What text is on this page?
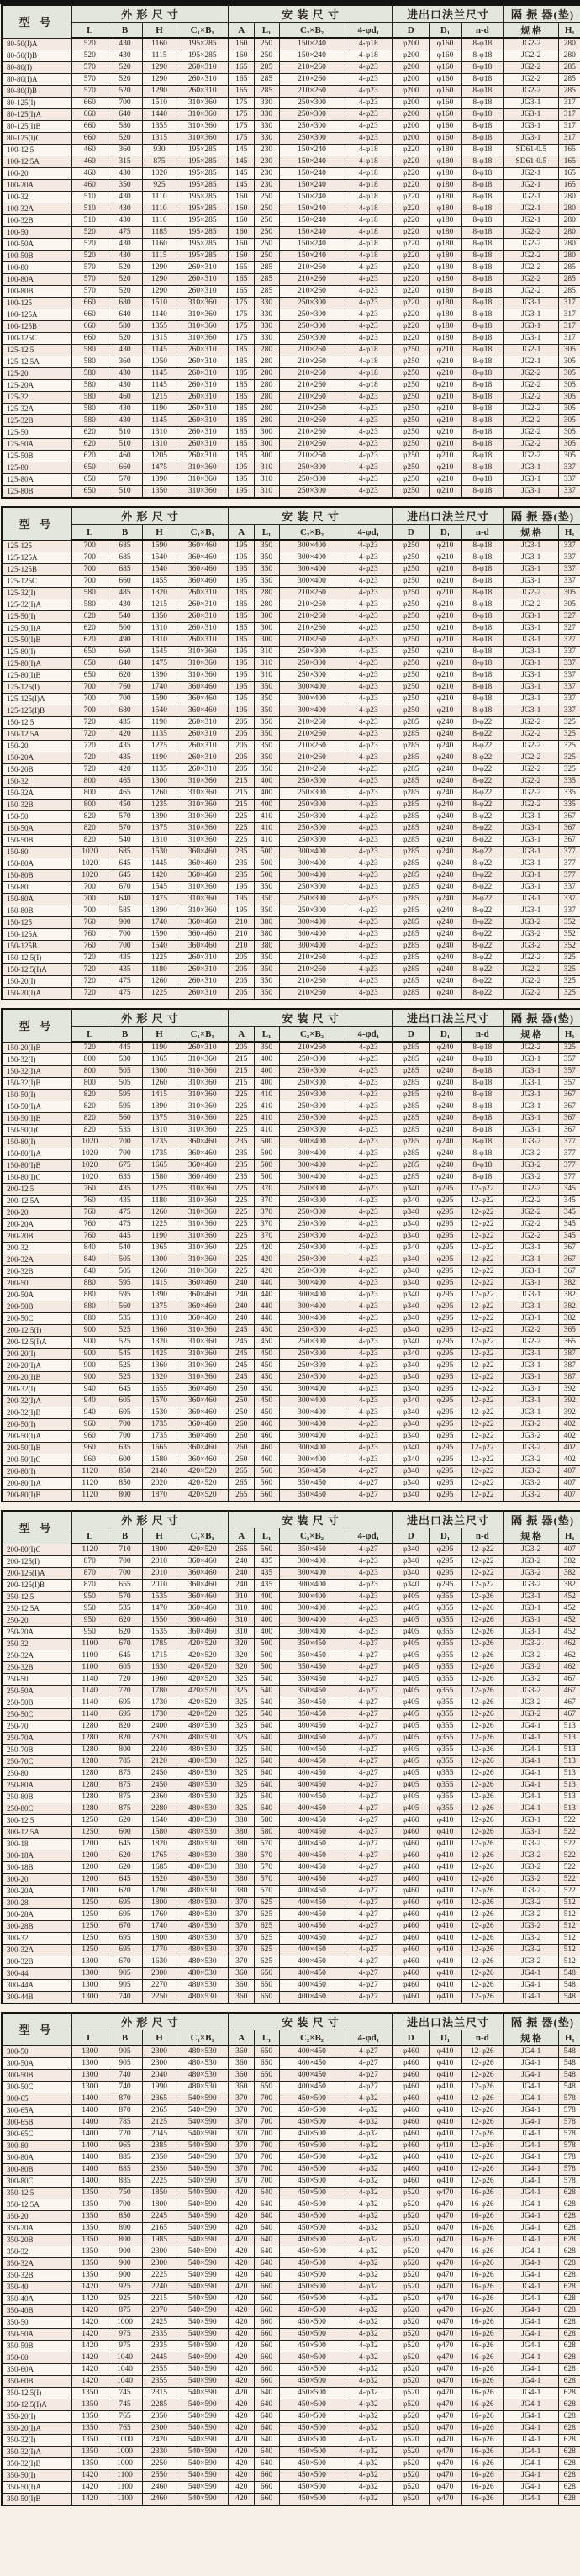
型 号	外 形 尺 寸				安 装 尺 寸				进出口法兰尺寸			隔 振 器(垫)	
	L	B	H	C₁×B₁	A	L₁	C₂×B₂	4-φd₁	D	D₁	n-d	规 格	H₁
80-50(I)A	520	430	1160	195×285	160	250	150×240	4-φ18	φ200	φ160	8-φ18	JG2-2	280
80-50(I)B	520	430	1115	195×285	160	250	150×240	4-φ18	φ200	φ160	8-φ18	JG2-2	280
80-80(I)	570	520	1290	260×310	165	285	210×260	4-φ23	φ200	φ160	8-φ18	JG2-2	285
80-80(I)A	570	520	1290	260×310	165	285	210×260	4-φ23	φ200	φ160	8-φ18	JG2-2	285
80-80(I)B	570	520	1290	260×310	165	285	210×260	4-φ23	φ200	φ160	8-φ18	JG2-2	285
80-125(I)	660	700	1510	310×360	175	330	250×300	4-φ23	φ200	φ160	8-φ18	JG3-1	317
80-125(I)A	660	640	1440	310×360	175	330	250×300	4-φ23	φ200	φ160	8-φ18	JG3-1	317
80-125(I)B	660	580	1355	310×360	175	330	250×300	4-φ23	φ200	φ160	8-φ18	JG3-1	317
80-125(I)C	660	520	1315	310×360	175	330	250×300	4-φ23	φ200	φ160	8-φ18	JG3-1	317
100-12.5	460	360	930	195×285	145	230	150×240	4-φ18	φ220	φ180	8-φ18	SD61-0.5	165
100-12.5A	460	315	875	195×285	145	230	150×240	4-φ18	φ220	φ180	8-φ18	SD61-0.5	165
100-20	460	430	1020	195×285	145	230	150×240	4-φ18	φ220	φ180	8-φ18	JG2-1	165
100-20A	460	350	925	195×285	145	230	150×240	4-φ18	φ220	φ180	8-φ18	JG2-1	165
100-32	510	430	1110	195×285	160	250	150×240	4-φ18	φ220	φ180	8-φ18	JG2-1	280
100-32A	510	430	1110	195×285	160	250	150×240	4-φ18	φ220	φ180	8-φ18	JG2-1	280
100-32B	510	430	1110	195×285	160	250	150×240	4-φ18	φ220	φ180	8-φ18	JG2-1	280
100-50	520	475	1185	195×285	160	250	150×240	4-φ18	φ220	φ180	8-φ18	JG2-2	280
100-50A	520	430	1160	195×285	160	250	150×240	4-φ18	φ220	φ180	8-φ18	JG2-2	280
100-50B	520	430	1115	195×285	160	250	150×240	4-φ18	φ220	φ180	8-φ18	JG2-2	280
100-80	570	520	1290	260×310	165	285	210×260	4-φ23	φ220	φ180	8-φ18	JG2-2	285
100-80A	570	520	1290	260×310	165	285	210×260	4-φ23	φ220	φ180	8-φ18	JG2-2	285
100-80B	570	520	1290	260×310	165	285	210×260	4-φ23	φ220	φ180	8-φ18	JG2-2	285
100-125	660	680	1510	310×360	175	330	250×300	4-φ23	φ220	φ180	8-φ18	JG3-1	317
100-125A	660	640	1140	310×360	175	330	250×300	4-φ23	φ220	φ180	8-φ18	JG3-1	317
100-125B	660	580	1355	310×360	175	330	250×300	4-φ23	φ220	φ180	8-φ18	JG3-1	317
100-125C	660	520	1315	310×360	175	330	250×300	4-φ23	φ220	φ180	8-φ18	JG3-1	317
125-12.5	580	430	1145	260×310	185	280	210×260	4-φ18	φ250	φ210	8-φ18	JG2-1	305
125-12.5A	580	360	1050	260×310	185	280	210×260	4-φ18	φ250	φ210	8-φ18	JG2-1	305
125-20	580	430	1145	260×310	185	280	210×260	4-φ18	φ250	φ210	8-φ18	JG2-2	305
125-20A	580	430	1145	260×310	185	280	210×260	4-φ18	φ250	φ210	8-φ18	JG2-2	305
125-32	580	460	1215	260×310	185	280	210×260	4-φ23	φ250	φ210	8-φ18	JG2-2	305
125-32A	580	430	1190	260×310	185	280	210×260	4-φ23	φ250	φ210	8-φ18	JG2-2	305
125-32B	580	430	1145	260×310	185	280	210×260	4-φ23	φ250	φ210	8-φ18	JG2-2	305
125-50	620	510	1310	260×310	185	300	210×260	4-φ23	φ250	φ210	8-φ18	JG2-2	305
125-50A	620	510	1310	260×310	185	300	210×260	4-φ23	φ250	φ210	8-φ18	JG2-2	305
125-50B	620	460	1205	260×310	185	300	210×260	4-φ23	φ250	φ210	8-φ18	JG2-2	305
125-80	650	660	1475	310×360	195	310	250×300	4-φ23	φ250	φ210	8-φ18	JG3-1	337
125-80A	650	570	1390	310×360	195	310	250×300	4-φ23	φ250	φ210	8-φ18	JG3-1	337
125-80B	650	510	1350	310×360	195	310	250×300	4-φ23	φ250	φ210	8-φ18	JG3-1	337
型 号	外 形 尺 寸				安 装 尺 寸				进出口法兰尺寸			隔 振 器(垫)	
	L	B	H	C₁×B₁	A	L₁	C₂×B₂	4-φd₁	D	D₁	n-d	规 格	H₁
125-125	700	685	1590	360×460	195	350	300×400	4-φ23	φ250	φ210	8-φ18	JG3-1	337
125-125A	700	685	1540	360×460	195	350	300×400	4-φ23	φ250	φ210	8-φ18	JG3-1	337
125-125B	700	685	1540	360×460	195	350	300×400	4-φ23	φ250	φ210	8-φ18	JG3-1	337
125-125C	700	660	1455	360×460	195	350	300×400	4-φ23	φ250	φ210	8-φ18	JG3-1	337
125-32(I)	580	485	1320	260×310	185	280	210×260	4-φ23	φ250	φ210	8-φ18	JG2-2	305
125-32(I)A	580	430	1215	260×310	185	280	210×260	4-φ23	φ250	φ210	8-φ18	JG2-2	305
125-50(I)	620	540	1350	260×310	185	300	210×260	4-φ23	φ250	φ210	8-φ18	JG3-1	327
125-50(I)A	620	500	1310	260×310	185	300	210×260	4-φ23	φ250	φ210	8-φ18	JG3-1	327
125-50(I)B	620	490	1310	260×310	185	300	210×260	4-φ23	φ250	φ210	8-φ18	JG3-1	327
125-80(I)	650	660	1545	310×360	195	310	250×300	4-φ23	φ250	φ210	8-φ18	JG3-1	337
125-80(I)A	650	640	1475	310×360	195	310	250×300	4-φ23	φ250	φ210	8-φ18	JG3-1	337
125-80(I)B	650	620	1390	310×360	195	310	250×300	4-φ23	φ250	φ210	8-φ18	JG3-1	337
125-125(I)	700	760	1740	360×460	195	350	300×400	4-φ23	φ250	φ210	8-φ18	JG3-1	337
125-125(I)A	700	700	1590	360×460	195	350	300×400	4-φ23	φ250	φ210	8-φ18	JG3-1	337
125-125(I)B	700	680	1540	360×460	195	350	300×400	4-φ23	φ250	φ210	8-φ18	JG3-1	337
150-12.5	720	435	1190	260×310	205	350	210×260	4-φ23	φ285	φ240	8-φ22	JG2-2	325
150-12.5A	720	420	1135	260×310	205	350	210×260	4-φ23	φ285	φ240	8-φ22	JG2-2	325
150-20	720	435	1225	260×310	205	350	210×260	4-φ23	φ285	φ240	8-φ22	JG2-2	325
150-20A	720	435	1190	260×310	205	350	210×260	4-φ23	φ285	φ240	8-φ22	JG2-2	325
150-20B	720	420	1135	260×310	205	350	210×260	4-φ23	φ285	φ240	8-φ22	JG2-2	325
150-32	800	465	1300	310×360	215	400	250×300	4-φ23	φ285	φ240	8-φ22	JG2-2	335
150-32A	800	465	1260	310×360	215	400	250×300	4-φ23	φ285	φ240	8-φ22	JG2-2	335
150-32B	800	450	1235	310×360	215	400	250×300	4-φ23	φ285	φ240	8-φ22	JG2-2	335
150-50	820	570	1390	310×360	225	410	250×300	4-φ23	φ285	φ240	8-φ22	JG3-1	367
150-50A	820	570	1375	310×360	225	410	250×300	4-φ23	φ285	φ240	8-φ22	JG3-1	367
150-50B	820	540	1310	310×360	225	410	250×300	4-φ23	φ285	φ240	8-φ22	JG3-1	367
150-80	1020	685	1530	360×460	235	500	300×400	4-φ23	φ285	φ240	8-φ22	JG3-1	377
150-80A	1020	645	1445	360×460	235	500	300×400	4-φ23	φ285	φ240	8-φ22	JG3-1	377
150-80B	1020	645	1420	360×460	235	500	300×400	4-φ23	φ285	φ240	8-φ22	JG3-1	377
150-80	700	670	1545	310×360	195	350	250×300	4-φ23	φ285	φ240	8-φ22	JG3-1	337
150-80A	700	640	1475	310×360	195	350	250×300	4-φ23	φ285	φ240	8-φ22	JG3-1	337
150-80B	700	585	1390	310×360	195	350	250×300	4-φ23	φ285	φ240	8-φ22	JG3-1	337
150-125	760	900	1740	360×460	210	380	300×400	4-φ23	φ285	φ240	8-φ22	JG3-2	352
150-125A	760	700	1590	360×460	210	380	300×400	4-φ23	φ285	φ240	8-φ22	JG3-2	352
150-125B	760	700	1540	360×460	210	380	300×400	4-φ23	φ285	φ240	8-φ22	JG3-2	352
150-12.5(I)	720	435	1225	260×310	205	350	210×260	4-φ23	φ285	φ240	8-φ22	JG2-2	325
150-12.5(I)A	720	435	1180	260×310	205	350	210×260	4-φ23	φ285	φ240	8-φ22	JG2-2	325
150-20(I)	720	475	1260	260×310	205	350	210×260	4-φ23	φ285	φ240	8-φ22	JG2-2	325
150-20(I)A	720	475	1225	260×310	205	350	210×260	4-φ23	φ285	φ240	8-φ22	JG2-2	325
型 号	外 形 尺 寸				安 装 尺 寸				进出口法兰尺寸			隔 振 器(垫)	
	L	B	H	C₁×B₁	A	L₁	C₂×B₂	4-φd₁	D	D₁	n-d	规 格	H₁
150-20(I)B	720	445	1190	260×310	205	350	210×260	4-φ23	φ285	φ240	8-φ18	JG2-2	325
150-32(I)	800	530	1365	310×360	215	400	250×300	4-φ23	φ285	φ240	8-φ18	JG3-1	357
150-32(I)A	800	505	1300	310×360	215	400	250×300	4-φ23	φ285	φ240	8-φ18	JG3-1	357
150-32(I)B	800	505	1260	310×360	215	400	250×300	4-φ23	φ285	φ240	8-φ18	JG3-1	357
150-50(I)	820	595	1415	310×360	225	410	250×300	4-φ23	φ285	φ240	8-φ18	JG3-1	367
150-50(I)A	820	595	1390	310×360	225	410	250×300	4-φ23	φ285	φ240	8-φ18	JG3-1	367
150-50(I)B	820	560	1375	310×360	225	410	250×300	4-φ23	φ285	φ240	8-φ18	JG3-1	367
150-50(I)C	820	535	1310	310×360	225	410	250×300	4-φ23	φ285	φ240	8-φ18	JG3-1	367
150-80(I)	1020	700	1735	360×460	235	500	300×400	4-φ23	φ285	φ240	8-φ18	JG3-2	377
150-80(I)A	1020	700	1735	360×460	235	500	300×400	4-φ23	φ285	φ240	8-φ18	JG3-2	377
150-80(I)B	1020	675	1665	360×460	235	500	300×400	4-φ23	φ285	φ240	8-φ18	JG3-2	377
150-80(I)C	1020	635	1580	360×460	235	500	300×400	4-φ23	φ285	φ240	8-φ18	JG3-2	377
200-12.5	760	435	1225	310×360	225	370	250×300	4-φ23	φ340	φ295	12-φ22	JG2-2	345
200-12.5A	760	435	1180	310×360	225	370	250×300	4-φ23	φ340	φ295	12-φ22	JG2-2	345
200-20	760	475	1260	310×360	225	370	250×300	4-φ23	φ340	φ295	12-φ22	JG2-2	345
200-20A	760	475	1225	310×360	225	370	250×300	4-φ23	φ340	φ295	12-φ22	JG2-2	345
200-20B	760	445	1190	310×360	225	370	250×300	4-φ23	φ340	φ295	12-φ22	JG2-2	345
200-32	840	540	1365	310×360	225	420	250×300	4-φ23	φ340	φ295	12-φ22	JG3-1	367
200-32A	840	505	1300	310×360	225	420	250×300	4-φ23	φ340	φ295	12-φ22	JG3-1	367
200-32B	840	505	1260	310×360	225	420	250×300	4-φ23	φ340	φ295	12-φ22	JG3-1	367
200-50	880	595	1415	360×460	240	440	300×400	4-φ23	φ340	φ295	12-φ22	JG3-1	382
200-50A	880	595	1390	360×460	240	440	300×400	4-φ23	φ340	φ295	12-φ22	JG3-1	382
200-50B	880	560	1375	360×460	240	440	300×400	4-φ23	φ340	φ295	12-φ22	JG3-1	382
200-50C	880	535	1310	360×460	240	440	300×400	4-φ23	φ340	φ295	12-φ22	JG3-1	382
200-12.5(I)	900	525	1360	310×360	245	450	250×300	4-φ23	φ340	φ295	12-φ22	JG2-2	365
200-12.5(I)A	900	525	1320	310×360	245	450	250×300	4-φ23	φ340	φ295	12-φ22	JG2-2	365
200-20(I)	900	545	1425	310×360	245	450	250×300	4-φ23	φ340	φ295	12-φ22	JG3-1	387
200-20(I)A	900	525	1360	310×360	245	450	250×300	4-φ23	φ340	φ295	12-φ22	JG3-1	387
200-20(I)B	900	525	1320	310×360	245	450	250×300	4-φ23	φ340	φ295	12-φ22	JG3-1	387
200-32(I)	940	645	1655	360×460	250	450	300×400	4-φ23	φ340	φ295	12-φ22	JG3-1	392
200-32(I)A	940	605	1570	360×460	250	450	300×400	4-φ23	φ340	φ295	12-φ22	JG3-1	392
200-32(I)B	940	605	1530	360×460	250	450	300×400	4-φ23	φ340	φ295	12-φ22	JG3-1	392
200-50(I)	960	700	1735	360×460	260	460	300×400	4-φ23	φ340	φ295	12-φ22	JG3-2	402
200-50(I)A	960	700	1735	360×460	260	460	300×400	4-φ23	φ340	φ295	12-φ22	JG3-2	402
200-50(I)B	960	635	1665	360×460	260	460	300×400	4-φ23	φ340	φ295	12-φ22	JG3-2	402
200-50(I)C	960	600	1580	360×460	260	460	300×400	4-φ23	φ340	φ295	12-φ22	JG3-2	402
200-80(I)	1120	850	2140	420×520	265	560	350×450	4-φ27	φ340	φ295	12-φ22	JG3-2	407
200-80(I)A	1120	850	2020	420×520	265	560	350×450	4-φ27	φ340	φ295	12-φ22	JG3-2	407
200-80(I)B	1120	800	1870	420×520	265	560	350×450	4-φ27	φ340	φ295	12-φ22	JG3-2	407
型 号	外 形 尺 寸				安 装 尺 寸				进出口法兰尺寸			隔 振 器(垫)	
	L	B	H	C₁×B₁	A	L₁	C₂×B₂	4-φd₁	D	D₁	n-d	规 格	H₁
200-80(I)C	1120	710	1800	420×520	265	560	350×450	4-φ27	φ340	φ295	12-φ22	JG3-2	407
200-125(I)	870	700	2010	360×460	240	435	300×400	4-φ23	φ340	φ295	12-φ22	JG3-2	382
200-125(I)A	870	700	2010	360×460	240	435	300×400	4-φ23	φ340	φ295	12-φ22	JG3-2	382
200-125(I)B	870	655	2010	360×460	240	435	300×400	4-φ23	φ340	φ295	12-φ22	JG3-2	382
250-12.5	950	570	1535	360×460	310	400	300×400	4-φ23	φ405	φ355	12-φ26	JG3-1	452
250-12.5A	950	535	1470	360×460	310	400	300×400	4-φ23	φ405	φ355	12-φ26	JG3-1	452
250-20	950	620	1550	360×460	310	400	300×400	4-φ23	φ405	φ355	12-φ26	JG3-1	452
250-20A	950	620	1535	360×460	310	400	300×400	4-φ23	φ405	φ355	12-φ26	JG3-1	452
250-32	1100	670	1785	420×520	320	500	350×450	4-φ27	φ405	φ355	12-φ26	JG3-2	462
250-32A	1100	645	1715	420×520	320	500	350×450	4-φ27	φ405	φ355	12-φ26	JG3-2	462
250-32B	1100	605	1630	420×520	320	500	350×450	4-φ27	φ405	φ355	12-φ26	JG3-2	462
250-50	1140	720	1960	420×520	325	540	350×450	4-φ27	φ405	φ355	12-φ26	JG3-2	467
250-50A	1140	720	1780	420×520	325	540	350×450	4-φ27	φ405	φ355	12-φ26	JG3-2	467
250-50B	1140	695	1730	420×520	325	540	350×450	4-φ27	φ405	φ355	12-φ26	JG3-2	467
250-50C	1140	695	1730	420×520	325	540	350×450	4-φ27	φ405	φ355	12-φ26	JG3-2	467
250-70	1280	820	2400	480×530	325	640	400×450	4-φ27	φ405	φ355	12-φ26	JG4-1	513
250-70A	1280	820	2320	480×530	325	640	400×450	4-φ27	φ405	φ355	12-φ26	JG4-1	513
250-70B	1280	800	2240	480×530	325	640	400×450	4-φ27	φ405	φ355	12-φ26	JG4-1	513
250-70C	1280	785	2120	480×530	325	640	400×450	4-φ27	φ405	φ355	12-φ26	JG4-1	513
250-80	1280	875	2450	480×530	325	640	400×450	4-φ27	φ405	φ355	12-φ26	JG4-1	513
250-80A	1280	875	2450	480×530	325	640	400×450	4-φ27	φ405	φ355	12-φ26	JG4-1	513
250-80B	1280	875	2360	480×530	325	640	400×450	4-φ27	φ405	φ355	12-φ26	JG4-1	513
250-80C	1280	875	2280	480×530	325	640	400×450	4-φ27	φ405	φ355	12-φ26	JG4-1	513
300-12.5	1250	620	1640	480×530	380	580	400×450	4-φ27	φ460	φ410	12-φ26	JG3-1	522
300-12.5A	1250	600	1580	480×530	380	580	400×450	4-φ27	φ460	φ410	12-φ26	JG3-1	522
300-18	1200	645	1820	480×530	380	570	400×450	4-φ27	φ460	φ410	12-φ26	JG3-2	522
300-18A	1200	620	1765	480×530	380	570	400×450	4-φ27	φ460	φ410	12-φ26	JG3-2	522
300-18B	1200	620	1685	480×530	380	570	400×450	4-φ27	φ460	φ410	12-φ26	JG3-2	522
300-20	1200	645	1820	480×530	380	570	400×450	4-φ27	φ460	φ410	12-φ26	JG3-2	522
300-20A	1200	620	1790	480×530	380	570	400×450	4-φ27	φ460	φ410	12-φ26	JG3-2	522
300-28	1250	695	1800	480×530	370	625	400×450	4-φ27	φ460	φ410	12-φ26	JG3-2	512
300-28A	1250	695	1760	480×530	370	625	400×450	4-φ27	φ460	φ410	12-φ26	JG3-2	512
300-28B	1250	670	1740	480×530	370	625	400×450	4-φ27	φ460	φ410	12-φ26	JG3-2	512
300-32	1250	695	1800	480×530	370	625	400×450	4-φ27	φ460	φ410	12-φ26	JG3-2	512
300-32A	1250	695	1770	480×530	370	625	400×450	4-φ27	φ460	φ410	12-φ26	JG3-2	512
300-32B	1300	670	1630	480×530	370	625	400×450	4-φ27	φ460	φ410	12-φ26	JG3-2	512
300-44	1300	905	2300	480×530	360	650	400×450	4-φ27	φ460	φ410	12-φ26	JG4-1	548
300-44A	1300	905	2270	480×530	360	650	400×450	4-φ27	φ460	φ410	12-φ26	JG4-1	548
300-44B	1300	740	2250	480×530	360	650	400×450	4-φ27	φ460	φ410	12-φ26	JG4-1	548
型 号	外 形 尺 寸				安 装 尺 寸				进出口法兰尺寸			隔 振 器(垫)	
	L	B	H	C₁×B₁	A	L₁	C₂×B₂	4-φd₁	D	D₁	n-d	规 格	H₁
300-50	1300	905	2300	480×530	360	650	400×450	4-φ27	φ460	φ410	12-φ26	JG4-1	548
300-50A	1300	905	2300	480×530	360	650	400×450	4-φ27	φ460	φ410	12-φ26	JG4-1	548
300-50B	1300	740	2040	480×530	360	650	400×450	4-φ27	φ460	φ410	12-φ26	JG4-1	548
300-50C	1300	740	1990	480×530	360	650	400×450	4-φ27	φ460	φ410	12-φ26	JG4-1	548
300-65	1400	870	2365	540×590	370	700	450×500	4-φ32	φ460	φ410	12-φ26	JG4-1	578
300-65A	1400	870	2365	540×590	370	700	450×500	4-φ32	φ460	φ410	12-φ26	JG4-1	578
300-65B	1400	785	2125	540×590	370	700	450×500	4-φ32	φ460	φ410	12-φ26	JG4-1	578
300-65C	1400	720	2045	540×590	370	700	450×500	4-φ32	φ460	φ410	12-φ26	JG4-1	578
300-80	1400	965	2385	540×590	370	700	450×500	4-φ32	φ460	φ410	12-φ26	JG4-1	578
300-80A	1400	885	2350	540×590	370	700	450×500	4-φ32	φ460	φ410	12-φ26	JG4-1	578
300-80B	1400	885	2350	540×590	370	700	450×500	4-φ32	φ460	φ410	12-φ26	JG4-1	578
300-80C	1400	885	2225	540×590	370	700	450×500	4-φ32	φ460	φ410	12-φ26	JG4-1	578
350-12.5	1350	750	1850	540×590	420	640	450×500	4-φ32	φ520	φ470	16-φ26	JG4-1	628
350-12.5A	1350	700	1800	540×590	420	640	450×500	4-φ32	φ520	φ470	16-φ26	JG4-1	628
350-20	1350	850	2245	540×590	420	640	450×500	4-φ32	φ520	φ470	16-φ26	JG4-1	628
350-20A	1350	800	2165	540×590	420	640	450×500	4-φ32	φ520	φ470	16-φ26	JG4-1	628
350-20B	1350	800	1985	540×590	420	640	450×500	4-φ32	φ520	φ470	16-φ26	JG4-1	628
350-32	1350	900	2300	540×590	420	640	450×500	4-φ32	φ520	φ470	16-φ26	JG4-1	628
350-32A	1350	900	2300	540×590	420	640	450×500	4-φ32	φ520	φ470	16-φ26	JG4-1	628
350-32B	1350	900	2225	540×590	420	640	450×500	4-φ32	φ520	φ470	16-φ26	JG4-1	628
350-40	1420	925	2240	540×590	420	660	450×500	4-φ32	φ520	φ470	16-φ26	JG4-1	628
350-40A	1420	925	2215	540×590	420	660	450×500	4-φ32	φ520	φ470	16-φ26	JG4-1	628
350-40B	1420	875	2070	540×590	420	660	450×500	4-φ32	φ520	φ470	16-φ26	JG4-1	628
350-50	1420	1000	2425	540×590	420	660	450×500	4-φ32	φ520	φ470	16-φ26	JG4-1	628
350-50A	1420	975	2335	540×590	420	660	450×500	4-φ32	φ520	φ470	16-φ26	JG4-1	628
350-50B	1420	975	2335	540×590	420	660	450×500	4-φ32	φ520	φ470	16-φ26	JG4-1	628
350-60	1420	1040	2445	540×590	420	660	450×500	4-φ32	φ520	φ470	16-φ26	JG4-1	628
350-60A	1420	1040	2355	540×590	420	660	450×500	4-φ32	φ520	φ470	16-φ26	JG4-1	628
350-60B	1420	1040	2355	540×590	420	660	450×500	4-φ32	φ520	φ470	16-φ26	JG4-1	628
350-12.5(I)	1350	745	2315	540×590	420	640	450×500	4-φ32	φ520	φ470	16-φ26	JG4-1	628
350-12.5(I)A	1350	745	2285	540×590	420	640	450×500	4-φ32	φ520	φ470	16-φ26	JG4-1	628
350-20(I)	1350	765	2350	540×590	420	640	450×500	4-φ32	φ520	φ470	16-φ26	JG4-1	628
350-20(I)A	1350	765	2300	540×590	420	640	450×500	4-φ32	φ520	φ470	16-φ26	JG4-1	628
350-32(I)	1350	1000	2420	540×590	420	640	450×500	4-φ32	φ520	φ470	16-φ26	JG4-1	628
350-32(I)A	1350	1000	2330	540×590	420	640	450×500	4-φ32	φ520	φ470	16-φ26	JG4-1	628
350-32(I)B	1350	1000	2250	540×590	420	640	450×500	4-φ32	φ520	φ470	16-φ26	JG4-1	628
350-50(I)	1420	1100	2550	540×590	420	660	450×500	4-φ32	φ520	φ470	16-φ26	JG4-1	628
350-50(I)A	1420	1100	2460	540×590	420	660	450×500	4-φ32	φ520	φ470	16-φ26	JG4-1	628
350-50(I)B	1420	1100	2460	540×590	420	660	450×500	4-φ32	φ520	φ470	16-φ26	JG4-1	628
